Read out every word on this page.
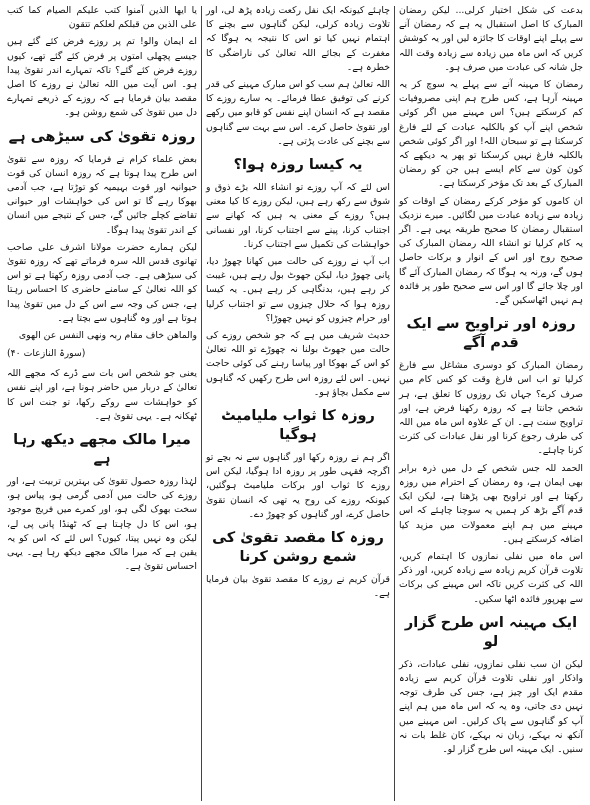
بدعت کی شکل اختیار کرلی... لیکن رمضان المبارک کا اصل استقبال یہ ہے کہ رمضان آنے سے پہلے اپنے اوقات کا جائزہ لیں اور یہ کوشش کریں کہ اس ماہ میں زیادہ سے زیادہ وقت اللہ جل شانہ کی عبادت میں صرف ہو۔

رمضان کا مہینہ آنے سے پہلے یہ سوچ کر یہ مہینہ آرہا ہے، کس طرح ہم اپنی مصروفیات کم کرسکتے ہیں؟ اس مہینے میں اگر کوئی شخص اپنے آپ کو بالکلیہ عبادت کے لئے فارغ کرسکتا ہے تو سبحان اللہ! اور اگر کوئی شخص بالکلیہ فارغ نہیں کرسکتا تو پھر یہ دیکھے کہ کون کون سے کام ایسے ہیں جن کو رمضان المبارک کے بعد تک مؤخر کرسکتا ہے۔

ان کاموں کو مؤخر کرکے رمضان کے اوقات کو زیادہ سے زیادہ عبادت میں لگائیں۔ میرے نزدیک استقبال رمضان کا صحیح طریقہ یہی ہے۔ اگر یہ کام کرلیا تو انشاء اللہ رمضان المبارک کی صحیح روح اور اس کے انوار و برکات حاصل ہوں گے، ورنہ یہ ہوگا کہ رمضان المبارک آئے گا اور چلا جائے گا اور اس سے صحیح طور پر فائدہ ہم نہیں اٹھاسکیں گے۔

روزہ اور تراویح سے ایک قدم آگے

رمضان المبارک کو دوسری مشاغل سے فارغ کرلیا تو اب اس فارغ وقت کو کس کام میں صرف کرے؟ جہاں تک روزوں کا تعلق ہے، ہر شخص جانتا ہے کہ روزہ رکھنا فرض ہے، اور تراویح سنت ہے۔ ان کے علاوہ اس ماہ میں اللہ کی طرف رجوع کرنا اور نفل عبادات کی کثرت کرنا چاہئے۔

الحمد للہ جس شخص کے دل میں ذرہ برابر بھی ایمان ہے، وہ رمضان کے احترام میں روزہ رکھتا ہے اور تراویح بھی پڑھتا ہے، لیکن ایک قدم آگے بڑھ کر ہمیں یہ سوچنا چاہئے کہ اس مہینے میں ہم اپنے معمولات میں مزید کیا اضافہ کرسکتے ہیں۔

اس ماہ میں نفلی نمازوں کا اہتمام کریں، تلاوت قرآن کریم زیادہ سے زیادہ کریں، اور ذکر اللہ کی کثرت کریں تاکہ اس مہینے کی برکات سے بھرپور فائدہ اٹھا سکیں۔

ایک مہینہ اس طرح گزار لو

لیکن ان سب نفلی نمازوں، نفلی عبادات، ذکر واذکار اور نفلی تلاوت قرآن کریم سے زیادہ مقدم ایک اور چیز ہے، جس کی طرف توجہ نہیں دی جاتی، وہ یہ کہ اس ماہ میں ہم اپنے آپ کو گناہوں سے پاک کرلیں۔ اس مہینے میں آنکھ نہ بہکے، زبان نہ بہکے، کان غلط بات نہ سنیں۔ ایک مہینہ اس طرح گزار لو۔

چاہئے کیونکہ ایک نفل رکعت زیادہ پڑھ لی، اور تلاوت زیادہ کرلی، لیکن گناہوں سے بچنے کا اہتمام نہیں کیا تو اس کا نتیجہ یہ ہوگا کہ مغفرت کے بجائے اللہ تعالیٰ کی ناراضگی کا خطرہ ہے۔

اللہ تعالیٰ ہم سب کو اس مبارک مہینے کی قدر کرنے کی توفیق عطا فرمائے۔ یہ سارے روزے کا مقصد ہے کہ انسان اپنے نفس کو قابو میں رکھے اور تقویٰ حاصل کرے۔ اس سے بہت سے گناہوں سے بچنے کی عادت پڑتی ہے۔

یہ کیسا روزہ ہوا؟

اس لئے کہ آپ روزے تو انشاء اللہ بڑے ذوق و شوق سے رکھ رہے ہیں، لیکن روزے کا کیا معنی ہیں؟ روزے کے معنی یہ ہیں کہ کھانے سے اجتناب کرنا، پینے سے اجتناب کرنا، اور نفسانی خواہشات کی تکمیل سے اجتناب کرنا۔

اب آپ نے روزے کی حالت میں کھانا چھوڑ دیا، پانی چھوڑ دیا، لیکن جھوٹ بول رہے ہیں، غیبت کر رہے ہیں، بدنگاہی کر رہے ہیں۔ یہ کیسا روزہ ہوا کہ حلال چیزوں سے تو اجتناب کرلیا اور حرام چیزوں کو نہیں چھوڑا؟

حدیث شریف میں ہے کہ جو شخص روزے کی حالت میں جھوٹ بولنا نہ چھوڑے تو اللہ تعالیٰ کو اس کے بھوکا اور پیاسا رہنے کی کوئی حاجت نہیں۔ اس لئے روزہ اس طرح رکھیں کہ گناہوں سے مکمل بچاؤ ہو۔

روزہ کا ثواب ملیامیٹ ہوگیا

اگر ہم نے روزہ رکھا اور گناہوں سے نہ بچے تو اگرچہ فقہی طور پر روزہ ادا ہوگیا، لیکن اس روزے کا ثواب اور برکات ملیامیٹ ہوگئیں، کیونکہ روزے کی روح یہ تھی کہ انسان تقویٰ حاصل کرے، اور گناہوں کو چھوڑ دے۔

روزہ کا مقصد تقویٰ کی شمع روشن کرنا

قرآن کریم نے روزے کا مقصد تقویٰ بیان فرمایا ہے۔

یا ایھا الذین آمنوا کتب علیکم الصیام کما کتب علی الذین من قبلکم لعلکم تتقون

اے ایمان والو! تم پر روزے فرض کئے گئے ہیں جیسے پچھلی امتوں پر فرض کئے گئے تھے، کیوں روزے فرض کئے گئے؟ تاکہ تمہارے اندر تقویٰ پیدا ہو۔ اس آیت میں اللہ تعالیٰ نے روزے کا اصل مقصد بیان فرمایا ہے کہ روزے کے ذریعے تمہارے دل میں تقویٰ کی شمع روشن ہو۔

روزہ تقویٰ کی سیڑھی ہے

بعض علماء کرام نے فرمایا کہ روزہ سے تقویٰ اس طرح پیدا ہوتا ہے کہ روزہ انسان کی قوت حیوانیہ اور قوت بہیمیہ کو توڑتا ہے، جب آدمی بھوکا رہے گا تو اس کی خواہشات اور حیوانی تقاضے کچلے جائیں گے، جس کے نتیجے میں انسان کے اندر تقویٰ پیدا ہوگا۔

لیکن ہمارے حضرت مولانا اشرف علی صاحب تھانوی قدس اللہ سرہ فرماتے تھے کہ روزہ تقویٰ کی سیڑھی ہے۔ جب آدمی روزہ رکھتا ہے تو اس کو اللہ تعالیٰ کے سامنے حاضری کا احساس رہتا ہے، جس کی وجہ سے اس کے دل میں تقویٰ پیدا ہوتا ہے اور وہ گناہوں سے بچتا ہے۔

والماھن خاف مقام ربہ ونھی النفس عن الھوی

(سورۃ النازعات ۴۰)

یعنی جو شخص اس بات سے ڈرے کہ مجھے اللہ تعالیٰ کے دربار میں حاضر ہونا ہے، اور اپنے نفس کو خواہشات سے روکے رکھا، تو جنت اس کا ٹھکانہ ہے۔ یہی تقویٰ ہے۔

میرا مالک مجھے دیکھ رہا ہے

لہٰذا روزہ حصول تقویٰ کی بہترین تربیت ہے، اور روزے کی حالت میں آدمی گرمی ہو، پیاس ہو، سخت بھوک لگی ہو، اور کمرے میں فریج موجود ہو، اس کا دل چاہتا ہے کہ ٹھنڈا پانی پی لے، لیکن وہ نہیں پیتا، کیوں؟ اس لئے کہ اس کو یہ یقین ہے کہ میرا مالک مجھے دیکھ رہا ہے۔ یہی احساس تقویٰ ہے۔
